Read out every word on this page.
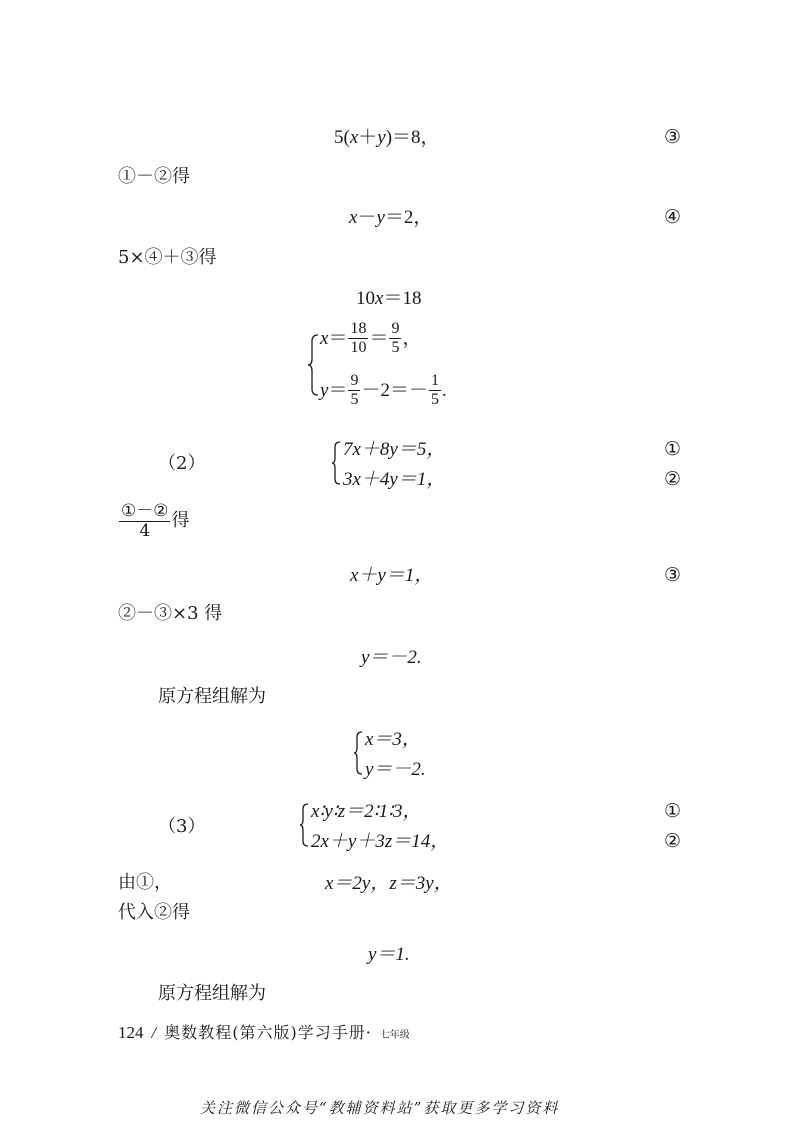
5(x＋y)＝8，	③
①－②得
x－y＝2，	④
5×④＋③得
10x＝18
$x = \frac{18}{10} = \frac{9}{5}$ ，
$y = \frac{9}{5} -2=- \frac{1}{5}$ .
（2）
7x＋8y＝5，	①
3x＋4y＝1，	②
$\frac{\text{①－②}}{4}$ 得
x＋y＝1，	③
②－③×3 得
y＝－2.
原方程组解为
x＝3，
y＝－2.
（3）
x∶y∶z＝2∶1∶3，	①
2x＋y＋3z＝14，	②
由①，	x＝2y，z＝3y，
代入②得
y＝1.
原方程组解为
124 / 奥数教程(第六版)学习手册· 七年级
关注微信公众号“教辅资料站”获取更多学习资料
